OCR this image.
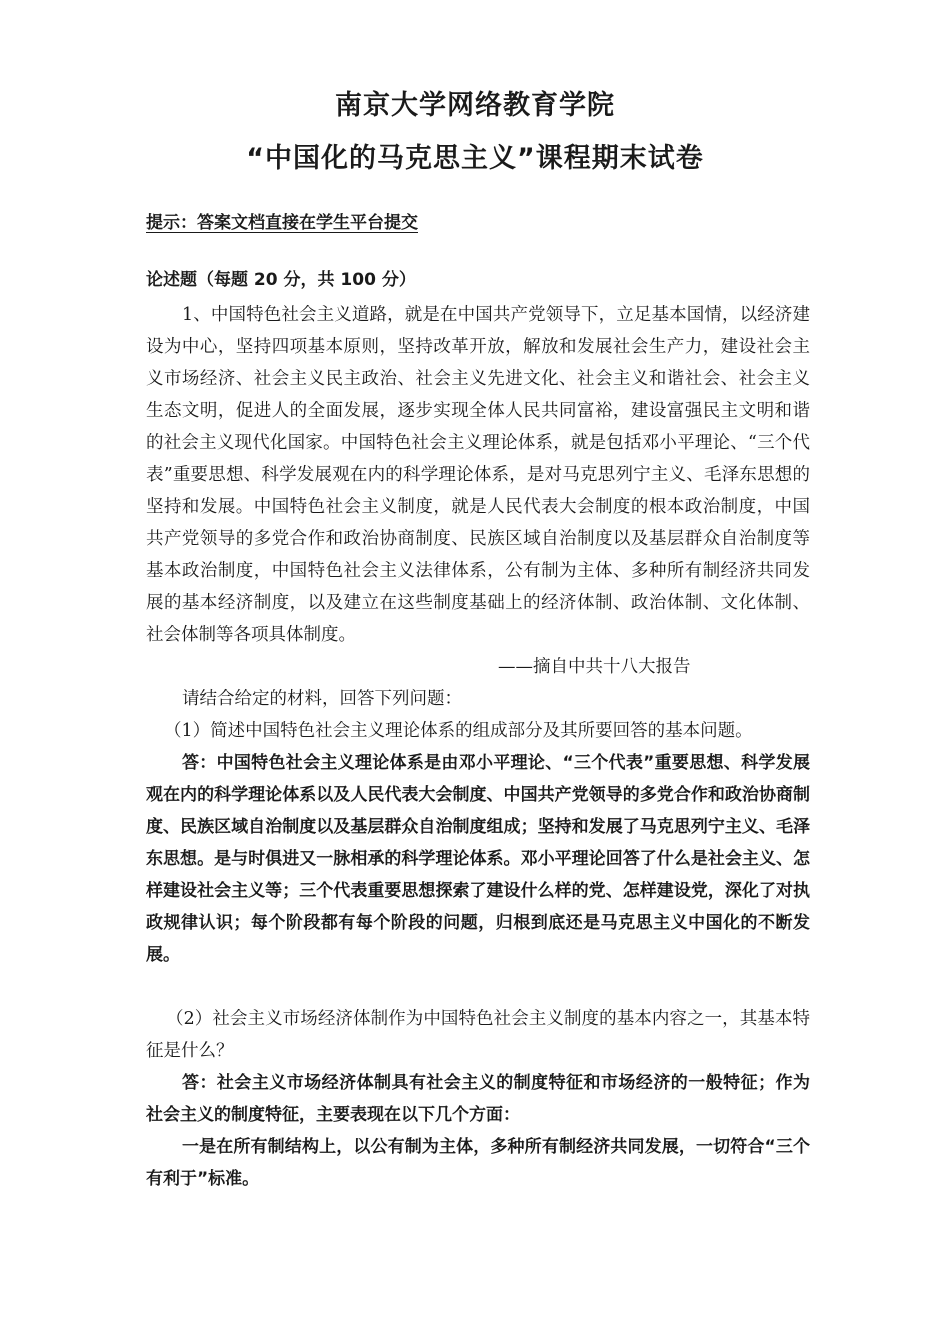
南京大学网络教育学院
“中国化的马克思主义”课程期末试卷
提示：答案文档直接在学生平台提交
论述题（每题 20 分，共 100 分）

1、中国特色社会主义道路，就是在中国共产党领导下，立足基本国情，以经济建设为中心，坚持四项基本原则，坚持改革开放，解放和发展社会生产力，建设社会主义市场经济、社会主义民主政治、社会主义先进文化、社会主义和谐社会、社会主义生态文明，促进人的全面发展，逐步实现全体人民共同富裕，建设富强民主文明和谐的社会主义现代化国家。中国特色社会主义理论体系，就是包括邓小平理论、“三个代表”重要思想、科学发展观在内的科学理论体系，是对马克思列宁主义、毛泽东思想的坚持和发展。中国特色社会主义制度，就是人民代表大会制度的根本政治制度，中国共产党领导的多党合作和政治协商制度、民族区域自治制度以及基层群众自治制度等基本政治制度，中国特色社会主义法律体系，公有制为主体、多种所有制经济共同发展的基本经济制度，以及建立在这些制度基础上的经济体制、政治体制、文化体制、社会体制等各项具体制度。

——摘自中共十八大报告

请结合给定的材料，回答下列问题：

（1）简述中国特色社会主义理论体系的组成部分及其所要回答的基本问题。

答：中国特色社会主义理论体系是由邓小平理论、“三个代表”重要思想、科学发展观在内的科学理论体系以及人民代表大会制度、中国共产党领导的多党合作和政治协商制度、民族区域自治制度以及基层群众自治制度组成；坚持和发展了马克思列宁主义、毛泽东思想。是与时俱进又一脉相承的科学理论体系。邓小平理论回答了什么是社会主义、怎样建设社会主义等；三个代表重要思想探索了建设什么样的党、怎样建设党，深化了对执政规律认识；每个阶段都有每个阶段的问题，归根到底还是马克思主义中国化的不断发展。

（2）社会主义市场经济体制作为中国特色社会主义制度的基本内容之一，其基本特征是什么？

答：社会主义市场经济体制具有社会主义的制度特征和市场经济的一般特征；作为社会主义的制度特征，主要表现在以下几个方面：

一是在所有制结构上，以公有制为主体，多种所有制经济共同发展，一切符合“三个有利于”标准。
